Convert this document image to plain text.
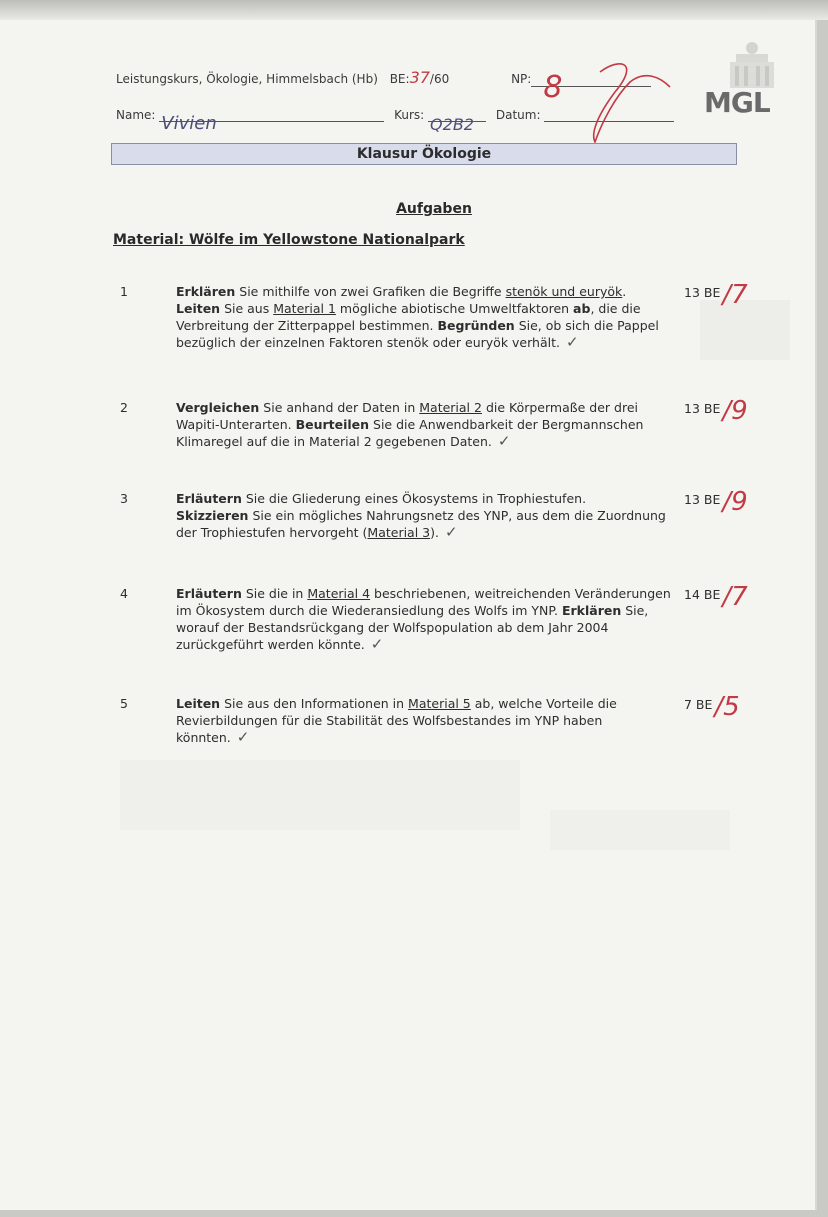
Leistungskurs, Ökologie, Himmelsbach (Hb) BE:37/60	NP: 8
Name: Vivien	Kurs: Q2B2 Datum:	MGL
Klausur Ökologie
Aufgaben
Material: Wölfe im Yellowstone Nationalpark
1	Erklären Sie mithilfe von zwei Grafiken die Begriffe stenök und euryök.
Leiten Sie aus Material 1 mögliche abiotische Umweltfaktoren ab, die die Verbreitung der Zitterpappel bestimmen. Begründen Sie, ob sich die Pappel bezüglich der einzelnen Faktoren stenök oder euryök verhält. ✓
13 BE/7
2	Vergleichen Sie anhand der Daten in Material 2 die Körpermaße der drei Wapiti-Unterarten. Beurteilen Sie die Anwendbarkeit der Bergmannschen Klimaregel auf die in Material 2 gegebenen Daten. ✓
13 BE/9
3	Erläutern Sie die Gliederung eines Ökosystems in Trophiestufen.
Skizzieren Sie ein mögliches Nahrungsnetz des YNP, aus dem die Zuordnung der Trophiestufen hervorgeht (Material 3). ✓
13 BE/9
4	Erläutern Sie die in Material 4 beschriebenen, weitreichenden Veränderungen im Ökosystem durch die Wiederansiedlung des Wolfs im YNP. Erklären Sie, worauf der Bestandsrückgang der Wolfspopulation ab dem Jahr 2004 zurückgeführt werden könnte. ✓
14 BE/7
5	Leiten Sie aus den Informationen in Material 5 ab, welche Vorteile die Revierbildungen für die Stabilität des Wolfsbestandes im YNP haben könnten. ✓
7 BE/5
